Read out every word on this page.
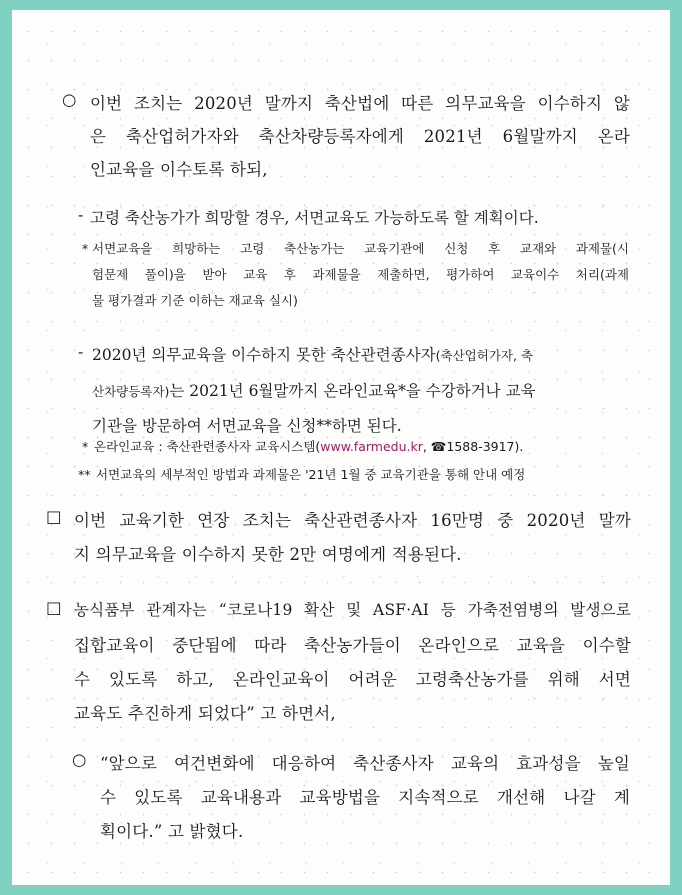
○ 이번 조치는 2020년 말까지 축산법에 따른 의무교육을 이수하지 않
은 축산업허가자와 축산차량등록자에게 2021년 6월말까지 온라
인교육을 이수토록 하되,
- 고령 축산농가가 희망할 경우, 서면교육도 가능하도록 할 계획이다.
* 서면교육을 희망하는 고령 축산농가는 교육기관에 신청 후 교재와 과제물(시
험문제 풀이)을 받아 교육 후 과제물을 제출하면, 평가하여 교육이수 처리(과제
물 평가결과 기준 이하는 재교육 실시)
- 2020년 의무교육을 이수하지 못한 축산관련종사자(축산업허가자, 축
산차량등록자)는 2021년 6월말까지 온라인교육*을 수강하거나 교육
기관을 방문하여 서면교육을 신청**하면 된다.
* 온라인교육 : 축산관련종사자 교육시스템(www.farmedu.kr, ☎1588-3917).
** 서면교육의 세부적인 방법과 과제물은 '21년 1월 중 교육기관을 통해 안내 예정
□ 이번 교육기한 연장 조치는 축산관련종사자 16만명 중 2020년 말까
지 의무교육을 이수하지 못한 2만 여명에게 적용된다.
□ 농식품부 관계자는 “코로나19 확산 및 ASF·AI 등 가축전염병의 발생으로
집합교육이 중단됨에 따라 축산농가들이 온라인으로 교육을 이수할
수 있도록 하고, 온라인교육이 어려운 고령축산농가를 위해 서면
교육도 추진하게 되었다” 고 하면서,
○ “앞으로 여건변화에 대응하여 축산종사자 교육의 효과성을 높일
수 있도록 교육내용과 교육방법을 지속적으로 개선해 나갈 계
획이다.” 고 밝혔다.
